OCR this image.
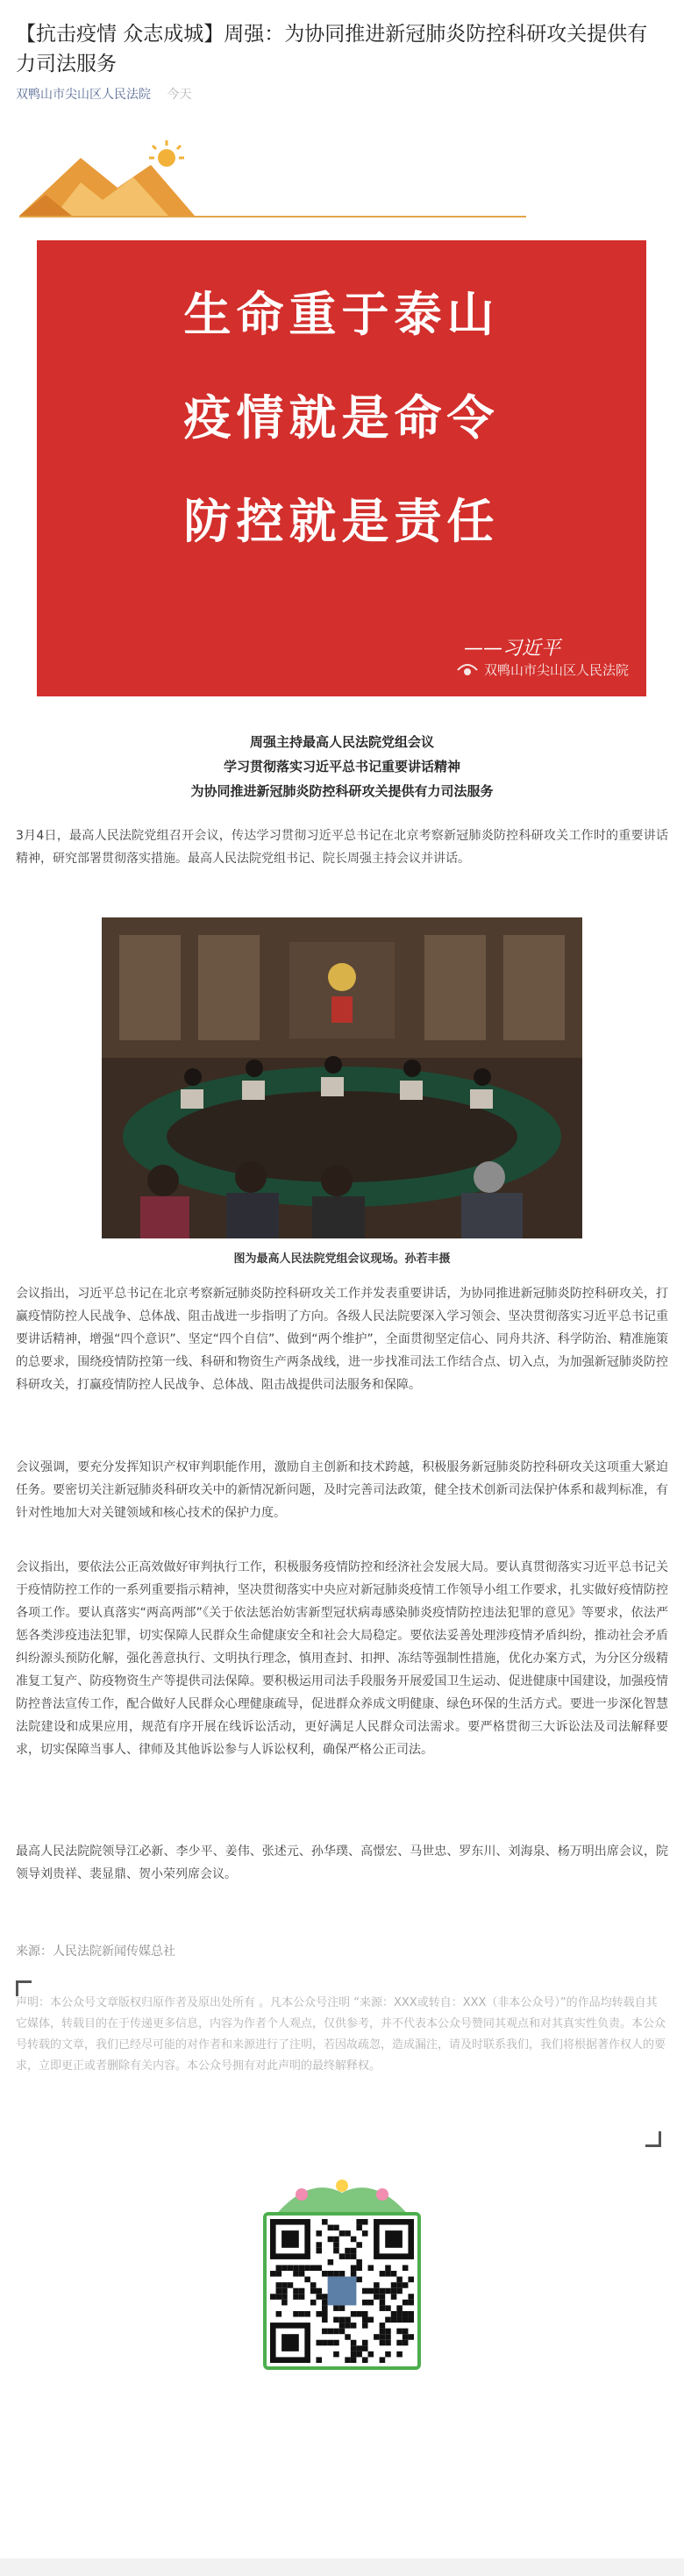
【抗击疫情 众志成城】周强：为协同推进新冠肺炎防控科研攻关提供有力司法服务
双鸭山市尖山区人民法院 今天
生命重于泰山
疫情就是命令
防控就是责任
——习近平
双鸭山市尖山区人民法院

周强主持最高人民法院党组会议

学习贯彻落实习近平总书记重要讲话精神

为协同推进新冠肺炎防控科研攻关提供有力司法服务

3月4日，最高人民法院党组召开会议，传达学习贯彻习近平总书记在北京考察新冠肺炎防控科研攻关工作时的重要讲话精神，研究部署贯彻落实措施。最高人民法院党组书记、院长周强主持会议并讲话。

图为最高人民法院党组会议现场。孙若丰摄

会议指出，习近平总书记在北京考察新冠肺炎防控科研攻关工作并发表重要讲话，为协同推进新冠肺炎防控科研攻关，打赢疫情防控人民战争、总体战、阻击战进一步指明了方向。各级人民法院要深入学习领会、坚决贯彻落实习近平总书记重要讲话精神，增强“四个意识”、坚定“四个自信”、做到“两个维护”，全面贯彻坚定信心、同舟共济、科学防治、精准施策的总要求，围绕疫情防控第一线、科研和物资生产两条战线，进一步找准司法工作结合点、切入点，为加强新冠肺炎防控科研攻关，打赢疫情防控人民战争、总体战、阻击战提供司法服务和保障。

会议强调，要充分发挥知识产权审判职能作用，激励自主创新和技术跨越，积极服务新冠肺炎防控科研攻关这项重大紧迫任务。要密切关注新冠肺炎科研攻关中的新情况新问题，及时完善司法政策，健全技术创新司法保护体系和裁判标准，有针对性地加大对关键领域和核心技术的保护力度。

会议指出，要依法公正高效做好审判执行工作，积极服务疫情防控和经济社会发展大局。要认真贯彻落实习近平总书记关于疫情防控工作的一系列重要指示精神，坚决贯彻落实中央应对新冠肺炎疫情工作领导小组工作要求，扎实做好疫情防控各项工作。要认真落实“两高两部”《关于依法惩治妨害新型冠状病毒感染肺炎疫情防控违法犯罪的意见》等要求，依法严惩各类涉疫违法犯罪，切实保障人民群众生命健康安全和社会大局稳定。要依法妥善处理涉疫情矛盾纠纷，推动社会矛盾纠纷源头预防化解，强化善意执行、文明执行理念，慎用查封、扣押、冻结等强制性措施，优化办案方式，为分区分级精准复工复产、防疫物资生产等提供司法保障。要积极运用司法手段服务开展爱国卫生运动、促进健康中国建设，加强疫情防控普法宣传工作，配合做好人民群众心理健康疏导，促进群众养成文明健康、绿色环保的生活方式。要进一步深化智慧法院建设和成果应用，规范有序开展在线诉讼活动，更好满足人民群众司法需求。要严格贯彻三大诉讼法及司法解释要求，切实保障当事人、律师及其他诉讼参与人诉讼权利，确保严格公正司法。

最高人民法院院领导江必新、李少平、姜伟、张述元、孙华璞、高憬宏、马世忠、罗东川、刘海泉、杨万明出席会议，院领导刘贵祥、裴显鼎、贺小荣列席会议。

来源：人民法院新闻传媒总社

声明：本公众号文章版权归原作者及原出处所有 。凡本公众号注明 “来源：XXX或转自：XXX（非本公众号）”的作品均转载自其它媒体，转载目的在于传递更多信息，内容为作者个人观点，仅供参考，并不代表本公众号赞同其观点和对其真实性负责。本公众号转载的文章，我们已经尽可能的对作者和来源进行了注明，若因故疏忽，造成漏注，请及时联系我们，我们将根据著作权人的要求，立即更正或者删除有关内容。本公众号拥有对此声明的最终解释权。
